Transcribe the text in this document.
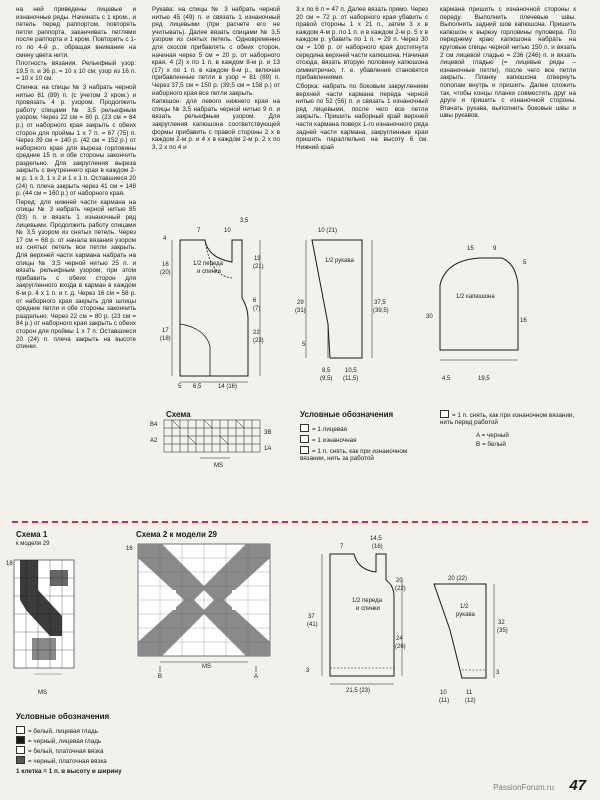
на ней приведены лицевые и изнаночные ряды. Начинать с 1 кром., и петель перед раппортом, повторять петли раппорта, заканчивать петлями после раппорта и 1 кром. Повторить с 1-го по 4-й р., обращая внимание на смену цвета нити.

Плотность вязания. Рельефный узор: 19,5 п. и 36 р. = 10 х 10 см; узор из 16 п. = 10 х 10 см.

Спинка: на спицы № 3 набрать черной нитью 81 (89) п. (с учетом 2 кром.) и провязать 4 р. узором. Продолжить работу спицами № 3,5 рельефным узором. Через 22 см = 80 р. (23 см = 84 р.) от наборного края закрыть с обеих сторон для проймы 1 х 7 п. = 67 (75) п. Через 39 см = 140 р. (42 см = 152 р.) от наборного края для выреза горловины средние 15 п. и обе стороны закончить раздельно. Для закругления выреза закрыть с внутреннего края в каждом 2-м р. 1 х 3, 1 х 2 и 1 х 1 п. Оставшиеся 20 (24) п. плеча закрыть через 41 см = 148 р. (44 см = 160 р.) от наборного края.

Перед: для нижней части кармана на спицы № 3 набрать черной нитью 85 (93) п. и вязать 1 изнаночный ряд лицевыми. Продолжить работу спицами № 3,5 узором из снятых петель. Через 17 см = 68 р. от начала вязания узором из снятых петель все петли закрыть. Для верхней части кармана набрать на спицы № 3,5 черной нитью 25 п. и вязать рельефным узором, при этом прибавить с обеих сторон для закругленного входа в карман в каждом 6-м р. 4 х 1 п. и т. д. Через 16 см = 58 р. от наборного края закрыть для шлицы средние петли и обе стороны закончить раздельно. Через 22 см = 80 р. (23 см = 84 р.) от наборного края закрыть с обеих сторон для проймы 1 х 7 п. Оставшиеся 20 (24) п. плеча закрыть на высоте спинки.

Рукава: на спицы № 3 набрать черной нитью 45 (49) п. и связать 1 изнаночный ряд лицевыми (при расчете его не учитывать). Далее вязать спицами № 3,5 узором из снятых петель. Одновременно для скосов прибавлять с обеих сторон, начиная через 5 см = 20 р. от наборного края, 4 (2) х по 1 п. в каждом 8-м р. и 13 (17) х по 1 п. в каждом 6-м р., включая прибавленные петли в узор = 81 (89) п. Через 37,5 см = 150 р. (39,5 см = 158 р.) от наборного края все петли закрыть.

Капюшон: для левого нижнего края на спицы № 3,5 набрать черной нитью 9 п. и вязать рельефным узором. Для закругления капюшона соответствующей формы прибавить с правой стороны 2 х в каждом 2-м р. и 4 х в каждом 2-м р. 2 х по 3, 2 х по 4 и

3 х по 6 п = 47 п. Далее вязать прямо. Через 20 см = 72 р. от наборного края убавить с правой стороны 1 х 21 п., затем 3 х в каждом 4-м р. по 1 п. и в каждом 2-м р. 5 х в каждом р. убавить по 1 п. = 29 п. Через 30 см = 108 р. от наборного края достигнута середина верхней части капюшона. Начиная отсюда, вязать вторую половину капюшона симметрично, т. е. убавления становятся прибавлениями.

Сборка: набрать по боковым закруглениям верхней части кармана переда черной нитью по 52 (56) п. и связать 1 изнаночный ряд лицевыми, после чего все петли закрыть. Пришить наборный край верхней части кармана поверх 1-го изнаночного ряда задней части кармана, закругленные края пришить параллельно на высоту 6 см. Нижний край

кармана пришить с изнаночной стороны к переду. Выполнить плечевые швы. Выполнить задний шов капюшона. Пришить капюшон к вырезу горловины пуловера. По переднему краю капюшона набрать на круговые спицы черной нитью 150 п. и вязать 2 см лицевой гладью = 236 (246) п. и вязать лицевой гладью (= лицевые ряды – изнаночные петли), после чего все петли закрыть. Планку капюшона отвернуть пополам внутрь и пришить. Далее сложить так, чтобы концы планки совместить друг на друге и пришить с изнаночной стороны. Втачать рукава, выполнить боковые швы и швы рукавов.

1/2 переда
и спинки
7	10
3,5
4
16
(20)
19
(21)
6
(7)
17
(18)
22
(23)
6,5	14 (16)
5
10 (21)
1/2 рукава
29
(31)
37,5
(39,5)
5
8,5
(9,5)
10,5
(11,5)
15	9
1/2 капюшона
30
5
16
4,5	19,5
Схема
B4
A2
3B
1A
MS
Условные обозначения
= 1 лицевая
= 1 изнаночная
= 1 п. снять, как при изнаночном вязании, нить за работой
= 1 п. снять, как при изнаночном вязании, нить перед работой
A = черный
B = белый
Схема 1
к модели 29
18
MS
Схема 2 к модели 29
16
MS
B	A
Условные обозначения
= белый, лицевая гладь
= черный, лицевая гладь
= белый, платочная вязка
= черный, платочная вязка
1 клетка = 1 п. в высоту и ширину
7
14,5
(16)
20
(22)
1/2 переда
и спинки
37
(41)
24
(26)
21,5 (23)
3
20 (22)
1/2
рукава
32
(35)
10
(11)
11
(12)
3
PassionForum.ru 47
